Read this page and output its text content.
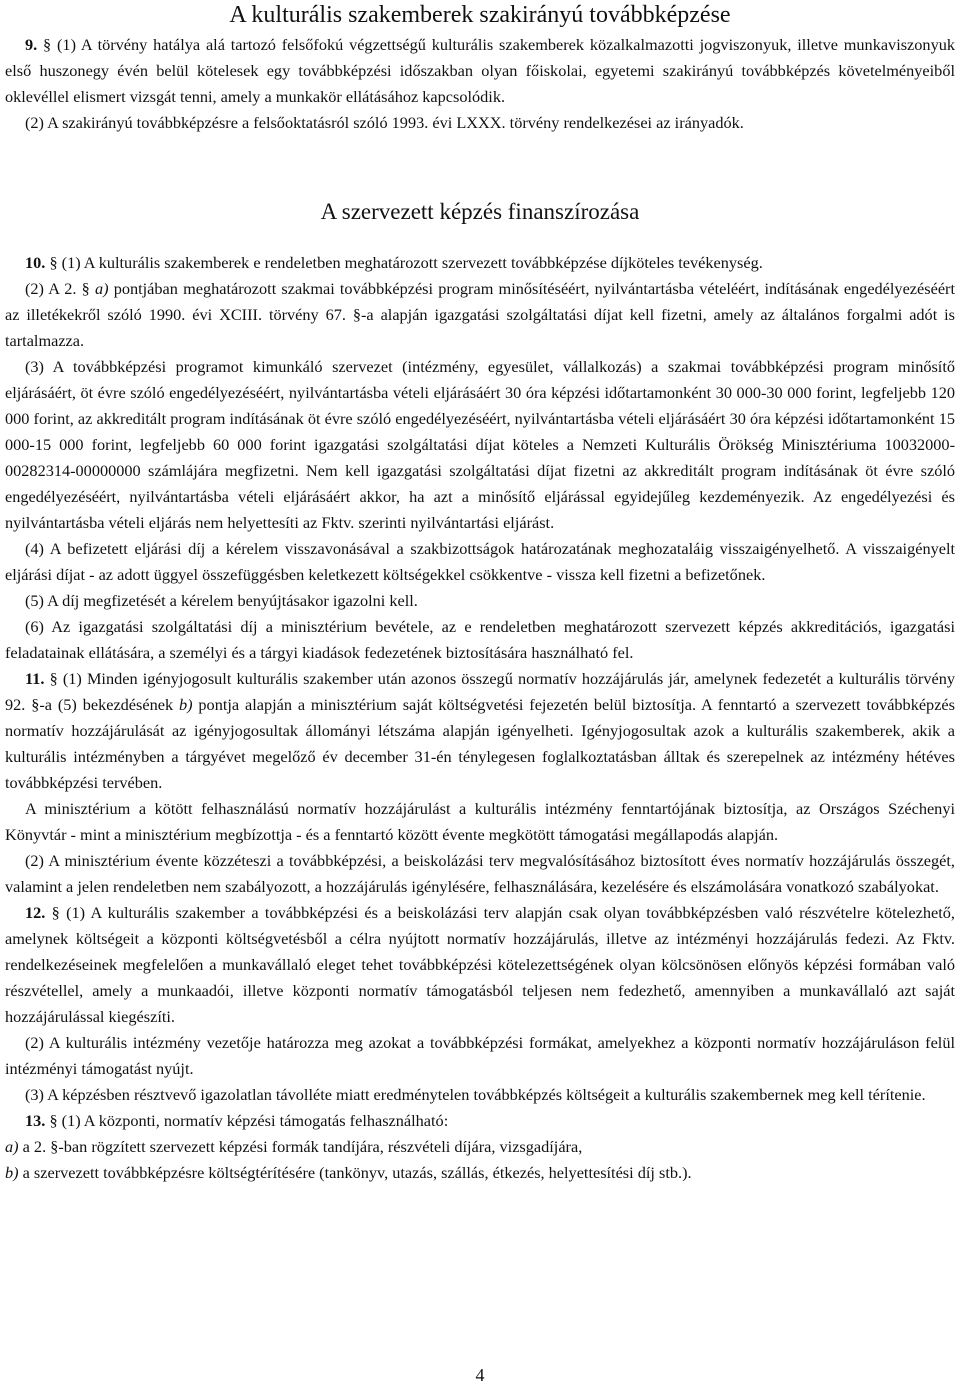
A kulturális szakemberek szakirányú továbbképzése

9. § (1) A törvény hatálya alá tartozó felsőfokú végzettségű kulturális szakemberek közalkalmazotti jogviszonyuk, illetve munkaviszonyuk első huszonegy évén belül kötelesek egy továbbképzési időszakban olyan főiskolai, egyetemi szakirányú továbbképzés követelményeiből oklevéllel elismert vizsgát tenni, amely a munkakör ellátásához kapcsolódik.

(2) A szakirányú továbbképzésre a felsőoktatásról szóló 1993. évi LXXX. törvény rendelkezései az irányadók.

A szervezett képzés finanszírozása

10. § (1) A kulturális szakemberek e rendeletben meghatározott szervezett továbbképzése díjköteles tevékenység.

(2) A 2. § a) pontjában meghatározott szakmai továbbképzési program minősítéséért, nyilvántartásba vételéért, indításának engedélyezéséért az illetékekről szóló 1990. évi XCIII. törvény 67. §-a alapján igazgatási szolgáltatási díjat kell fizetni, amely az általános forgalmi adót is tartalmazza.

(3) A továbbképzési programot kimunkáló szervezet (intézmény, egyesület, vállalkozás) a szakmai továbbképzési program minősítő eljárásáért, öt évre szóló engedélyezéséért, nyilvántartásba vételi eljárásáért 30 óra képzési időtartamonként 30 000-30 000 forint, legfeljebb 120 000 forint, az akkreditált program indításának öt évre szóló engedélyezéséért, nyilvántartásba vételi eljárásáért 30 óra képzési időtartamonként 15 000-15 000 forint, legfeljebb 60 000 forint igazgatási szolgáltatási díjat köteles a Nemzeti Kulturális Örökség Minisztériuma 10032000-00282314-00000000 számlájára megfizetni. Nem kell igazgatási szolgáltatási díjat fizetni az akkreditált program indításának öt évre szóló engedélyezéséért, nyilvántartásba vételi eljárásáért akkor, ha azt a minősítő eljárással egyidejűleg kezdeményezik. Az engedélyezési és nyilvántartásba vételi eljárás nem helyettesíti az Fktv. szerinti nyilvántartási eljárást.

(4) A befizetett eljárási díj a kérelem visszavonásával a szakbizottságok határozatának meghozataláig visszaigényelhető. A visszaigényelt eljárási díjat - az adott üggyel összefüggésben keletkezett költségekkel csökkentve - vissza kell fizetni a befizetőnek.

(5) A díj megfizetését a kérelem benyújtásakor igazolni kell.

(6) Az igazgatási szolgáltatási díj a minisztérium bevétele, az e rendeletben meghatározott szervezett képzés akkreditációs, igazgatási feladatainak ellátására, a személyi és a tárgyi kiadások fedezetének biztosítására használható fel.

11. § (1) Minden igényjogosult kulturális szakember után azonos összegű normatív hozzájárulás jár, amelynek fedezetét a kulturális törvény 92. §-a (5) bekezdésének b) pontja alapján a minisztérium saját költségvetési fejezetén belül biztosítja. A fenntartó a szervezett továbbképzés normatív hozzájárulását az igényjogosultak állományi létszáma alapján igényelheti. Igényjogosultak azok a kulturális szakemberek, akik a kulturális intézményben a tárgyévet megelőző év december 31-én ténylegesen foglalkoztatásban álltak és szerepelnek az intézmény hétéves továbbképzési tervében.

A minisztérium a kötött felhasználású normatív hozzájárulást a kulturális intézmény fenntartójának biztosítja, az Országos Széchenyi Könyvtár - mint a minisztérium megbízottja - és a fenntartó között évente megkötött támogatási megállapodás alapján.

(2) A minisztérium évente közzéteszi a továbbképzési, a beiskolázási terv megvalósításához biztosított éves normatív hozzájárulás összegét, valamint a jelen rendeletben nem szabályozott, a hozzájárulás igénylésére, felhasználására, kezelésére és elszámolására vonatkozó szabályokat.

12. § (1) A kulturális szakember a továbbképzési és a beiskolázási terv alapján csak olyan továbbképzésben való részvételre kötelezhető, amelynek költségeit a központi költségvetésből a célra nyújtott normatív hozzájárulás, illetve az intézményi hozzájárulás fedezi. Az Fktv. rendelkezéseinek megfelelően a munkavállaló eleget tehet továbbképzési kötelezettségének olyan kölcsönösen előnyös képzési formában való részvétellel, amely a munkaadói, illetve központi normatív támogatásból teljesen nem fedezhető, amennyiben a munkavállaló azt saját hozzájárulással kiegészíti.

(2) A kulturális intézmény vezetője határozza meg azokat a továbbképzési formákat, amelyekhez a központi normatív hozzájáruláson felül intézményi támogatást nyújt.

(3) A képzésben résztvevő igazolatlan távolléte miatt eredménytelen továbbképzés költségeit a kulturális szakembernek meg kell térítenie.

13. § (1) A központi, normatív képzési támogatás felhasználható:

a) a 2. §-ban rögzített szervezett képzési formák tandíjára, részvételi díjára, vizsgadíjára,

b) a szervezett továbbképzésre költségtérítésére (tankönyv, utazás, szállás, étkezés, helyettesítési díj stb.).

4
